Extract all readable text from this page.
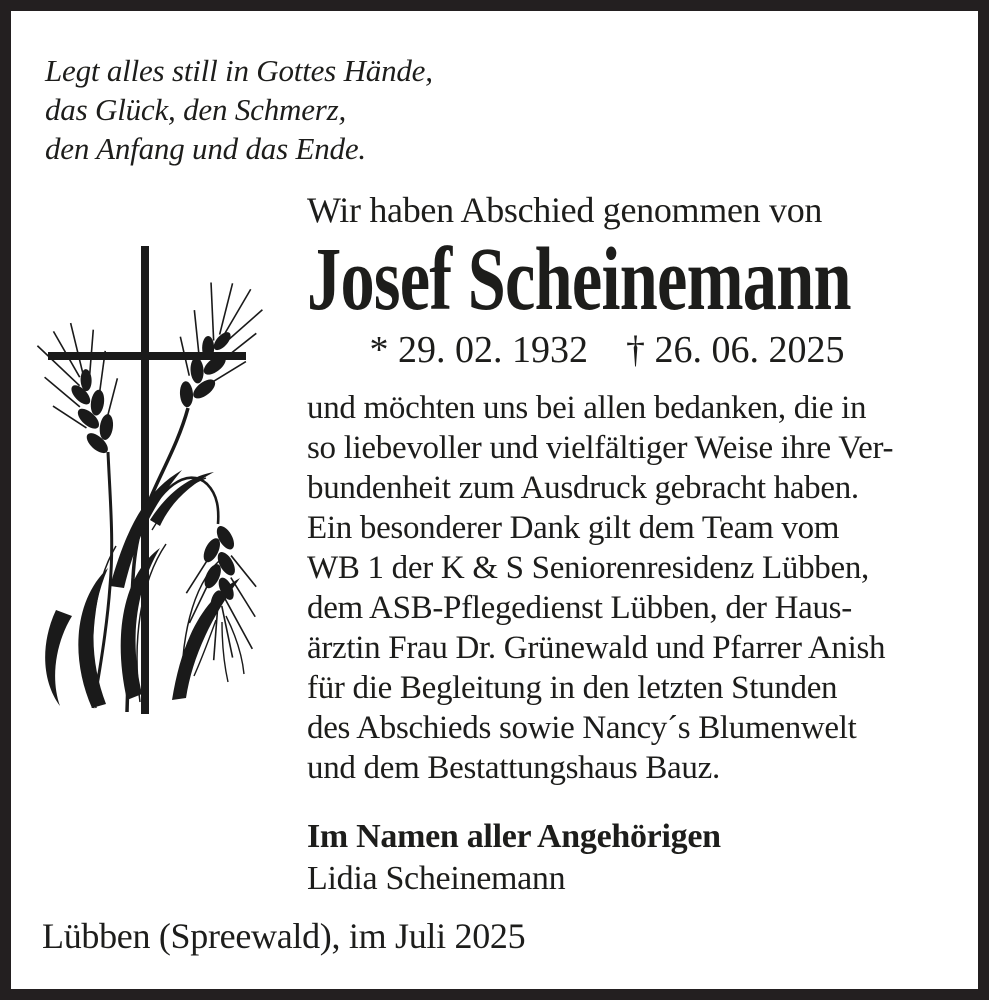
Legt alles still in Gottes Hände,
das Glück, den Schmerz,
den Anfang und das Ende.
Wir haben Abschied genommen von
Josef Scheinemann
* 29. 02. 1932 † 26. 06. 2025
und möchten uns bei allen bedanken, die in
so liebevoller und vielfältiger Weise ihre Ver-
bundenheit zum Ausdruck gebracht haben.
Ein besonderer Dank gilt dem Team vom
WB 1 der K & S Seniorenresidenz Lübben,
dem ASB-Pflegedienst Lübben, der Haus-
ärztin Frau Dr. Grünewald und Pfarrer Anish
für die Begleitung in den letzten Stunden
des Abschieds sowie Nancy´s Blumenwelt
und dem Bestattungshaus Bauz.
Im Namen aller Angehörigen
Lidia Scheinemann
Lübben (Spreewald), im Juli 2025
